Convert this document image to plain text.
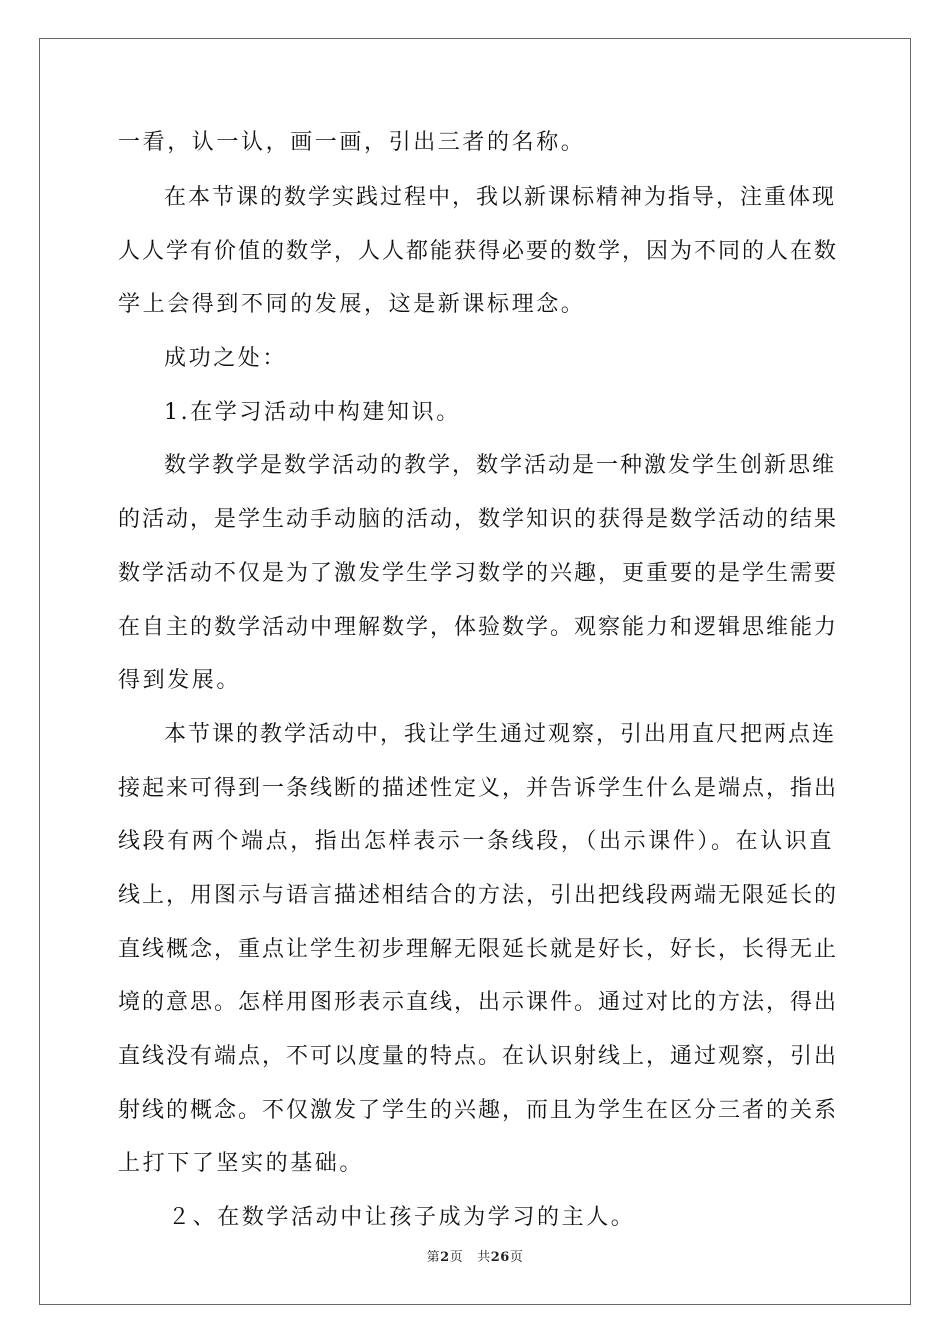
一看，认一认，画一画，引出三者的名称。
在本节课的数学实践过程中，我以新课标精神为指导，注重体现
人人学有价值的数学，人人都能获得必要的数学，因为不同的人在数
学上会得到不同的发展，这是新课标理念。
成功之处：
1.在学习活动中构建知识。
数学教学是数学活动的教学，数学活动是一种激发学生创新思维
的活动，是学生动手动脑的活动，数学知识的获得是数学活动的结果
数学活动不仅是为了激发学生学习数学的兴趣，更重要的是学生需要
在自主的数学活动中理解数学，体验数学。观察能力和逻辑思维能力
得到发展。
本节课的教学活动中，我让学生通过观察，引出用直尺把两点连
接起来可得到一条线断的描述性定义，并告诉学生什么是端点，指出
线段有两个端点，指出怎样表示一条线段，（出示课件）。在认识直
线上，用图示与语言描述相结合的方法，引出把线段两端无限延长的
直线概念，重点让学生初步理解无限延长就是好长，好长，长得无止
境的意思。怎样用图形表示直线，出示课件。通过对比的方法，得出
直线没有端点，不可以度量的特点。在认识射线上，通过观察，引出
射线的概念。不仅激发了学生的兴趣，而且为学生在区分三者的关系
上打下了坚实的基础。
２、在数学活动中让孩子成为学习的主人。
第2页 共26页
